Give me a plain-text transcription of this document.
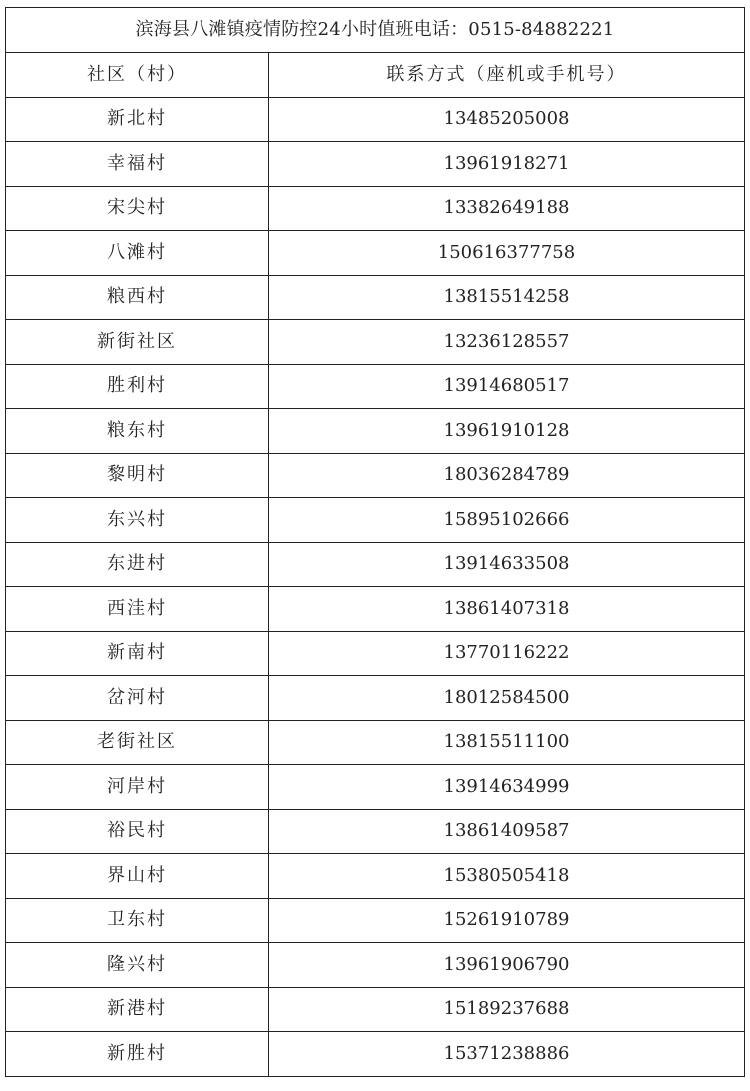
滨海县八滩镇疫情防控24小时值班电话：0515-84882221	
社区（村）	联系方式（座机或手机号）
新北村	13485205008
幸福村	13961918271
宋尖村	13382649188
八滩村	150616377758
粮西村	13815514258
新街社区	13236128557
胜利村	13914680517
粮东村	13961910128
黎明村	18036284789
东兴村	15895102666
东进村	13914633508
西洼村	13861407318
新南村	13770116222
岔河村	18012584500
老街社区	13815511100
河岸村	13914634999
裕民村	13861409587
界山村	15380505418
卫东村	15261910789
隆兴村	13961906790
新港村	15189237688
新胜村	15371238886
